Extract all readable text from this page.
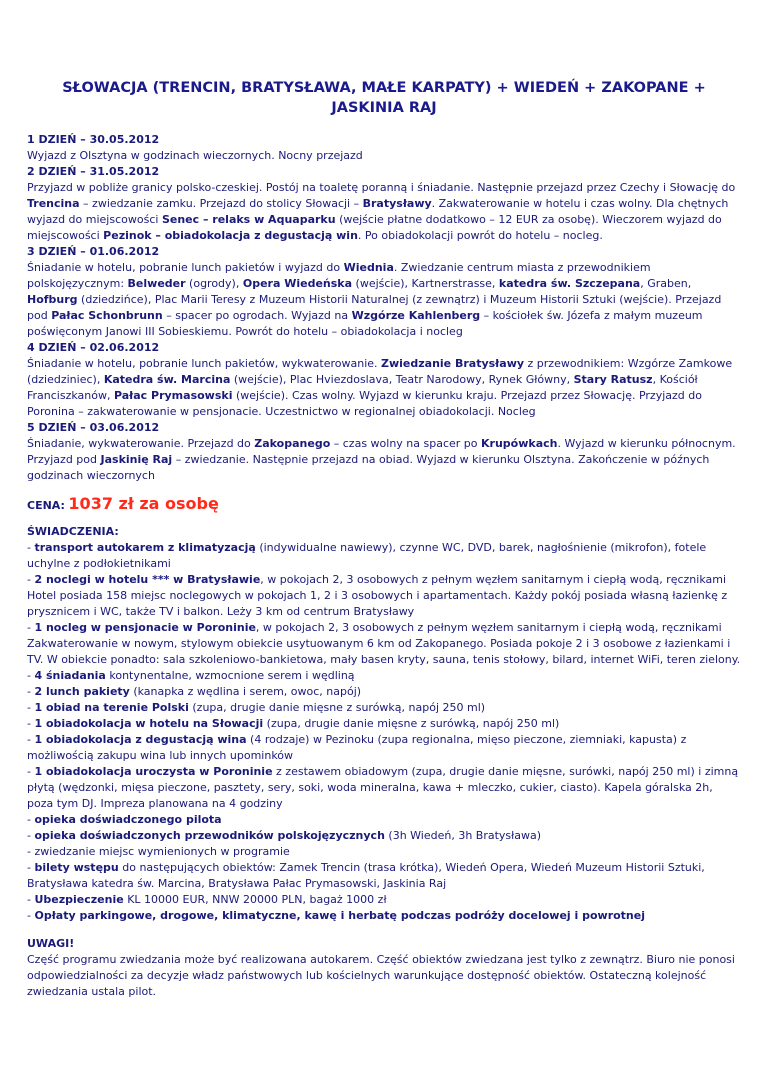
SŁOWACJA (TRENCIN, BRATYSŁAWA, MAŁE KARPATY) + WIEDEŃ + ZAKOPANE + JASKINIA RAJ

1 DZIEŃ – 30.05.2012

Wyjazd z Olsztyna w godzinach wieczornych. Nocny przejazd

2 DZIEŃ – 31.05.2012

Przyjazd w pobliże granicy polsko-czeskiej. Postój na toaletę poranną i śniadanie. Następnie przejazd przez Czechy i Słowację do Trencina – zwiedzanie zamku. Przejazd do stolicy Słowacji – Bratysławy. Zakwaterowanie w hotelu i czas wolny. Dla chętnych wyjazd do miejscowości Senec – relaks w Aquaparku (wejście płatne dodatkowo – 12 EUR za osobę). Wieczorem wyjazd do miejscowości Pezinok – obiadokolacja z degustacją win. Po obiadokolacji powrót do hotelu – nocleg.

3 DZIEŃ – 01.06.2012

Śniadanie w hotelu, pobranie lunch pakietów i wyjazd do Wiednia. Zwiedzanie centrum miasta z przewodnikiem polskojęzycznym: Belweder (ogrody), Opera Wiedeńska (wejście), Kartnerstrasse, katedra św. Szczepana, Graben, Hofburg (dziedzińce), Plac Marii Teresy z Muzeum Historii Naturalnej (z zewnątrz) i Muzeum Historii Sztuki (wejście). Przejazd pod Pałac Schonbrunn – spacer po ogrodach. Wyjazd na Wzgórze Kahlenberg – kościołek św. Józefa z małym muzeum poświęconym Janowi III Sobieskiemu. Powrót do hotelu – obiadokolacja i nocleg

4 DZIEŃ – 02.06.2012

Śniadanie w hotelu, pobranie lunch pakietów, wykwaterowanie. Zwiedzanie Bratysławy z przewodnikiem: Wzgórze Zamkowe (dziedziniec), Katedra św. Marcina (wejście), Plac Hviezdoslava, Teatr Narodowy, Rynek Główny, Stary Ratusz, Kościół Franciszkanów, Pałac Prymasowski (wejście). Czas wolny. Wyjazd w kierunku kraju. Przejazd przez Słowację. Przyjazd do Poronina – zakwaterowanie w pensjonacie. Uczestnictwo w regionalnej obiadokolacji. Nocleg

5 DZIEŃ – 03.06.2012

Śniadanie, wykwaterowanie. Przejazd do Zakopanego – czas wolny na spacer po Krupówkach. Wyjazd w kierunku północnym. Przyjazd pod Jaskinię Raj – zwiedzanie. Następnie przejazd na obiad. Wyjazd w kierunku Olsztyna. Zakończenie w późnych godzinach wieczornych

CENA: 1037 zł za osobę

ŚWIADCZENIA:

- transport autokarem z klimatyzacją (indywidualne nawiewy), czynne WC, DVD, barek, nagłośnienie (mikrofon), fotele uchylne z podłokietnikami

- 2 noclegi w hotelu *** w Bratysławie, w pokojach 2, 3 osobowych z pełnym węzłem sanitarnym i ciepłą wodą, ręcznikami

Hotel posiada 158 miejsc noclegowych w pokojach 1, 2 i 3 osobowych i apartamentach. Każdy pokój posiada własną łazienkę z prysznicem i WC, także TV i balkon. Leży 3 km od centrum Bratysławy

- 1 nocleg w pensjonacie w Poroninie, w pokojach 2, 3 osobowych z pełnym węzłem sanitarnym i ciepłą wodą, ręcznikami

Zakwaterowanie w nowym, stylowym obiekcie usytuowanym 6 km od Zakopanego. Posiada pokoje 2 i 3 osobowe z łazienkami i TV. W obiekcie ponadto: sala szkoleniowo-bankietowa, mały basen kryty, sauna, tenis stołowy, bilard, internet WiFi, teren zielony.

- 4 śniadania kontynentalne, wzmocnione serem i wędliną

- 2 lunch pakiety (kanapka z wędlina i serem, owoc, napój)

- 1 obiad na terenie Polski (zupa, drugie danie mięsne z surówką, napój 250 ml)

- 1 obiadokolacja w hotelu na Słowacji (zupa, drugie danie mięsne z surówką, napój 250 ml)

- 1 obiadokolacja z degustacją wina (4 rodzaje) w Pezinoku (zupa regionalna, mięso pieczone, ziemniaki, kapusta) z możliwością zakupu wina lub innych upominków

- 1 obiadokolacja uroczysta w Poroninie z zestawem obiadowym (zupa, drugie danie mięsne, surówki, napój 250 ml) i zimną płytą (wędzonki, mięsa pieczone, pasztety, sery, soki, woda mineralna, kawa + mleczko, cukier, ciasto). Kapela góralska 2h, poza tym DJ. Impreza planowana na 4 godziny

- opieka doświadczonego pilota

- opieka doświadczonych przewodników polskojęzycznych (3h Wiedeń, 3h Bratysława)

- zwiedzanie miejsc wymienionych w programie

- bilety wstępu do następujących obiektów: Zamek Trencin (trasa krótka), Wiedeń Opera, Wiedeń Muzeum Historii Sztuki, Bratysława katedra św. Marcina, Bratysława Pałac Prymasowski, Jaskinia Raj

- Ubezpieczenie KL 10000 EUR, NNW 20000 PLN, bagaż 1000 zł

- Opłaty parkingowe, drogowe, klimatyczne, kawę i herbatę podczas podróży docelowej i powrotnej

UWAGI!

Część programu zwiedzania może być realizowana autokarem. Część obiektów zwiedzana jest tylko z zewnątrz. Biuro nie ponosi odpowiedzialności za decyzje władz państwowych lub kościelnych warunkujące dostępność obiektów. Ostateczną kolejność zwiedzania ustala pilot.
